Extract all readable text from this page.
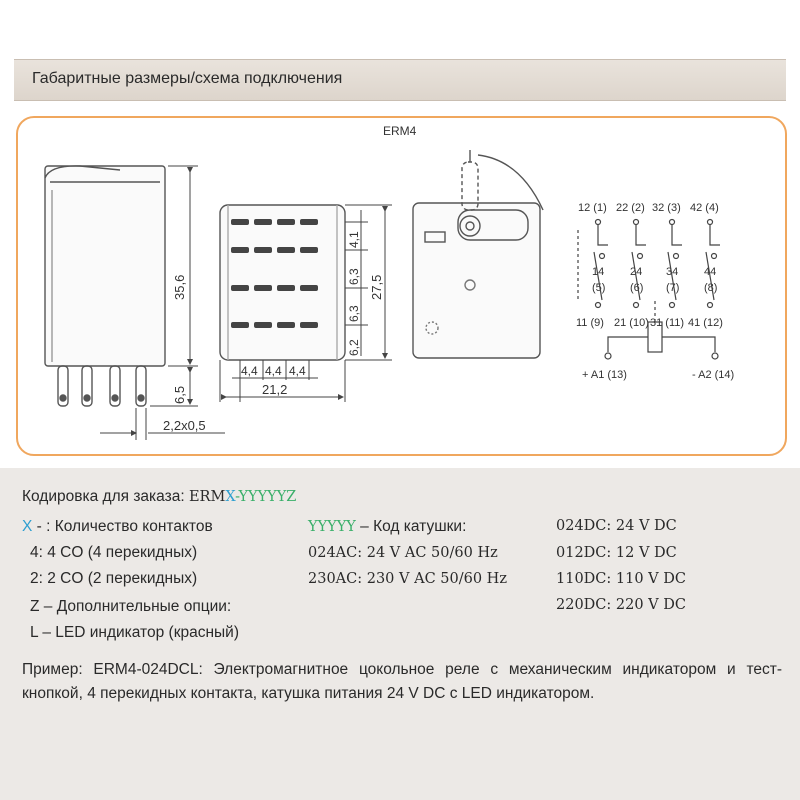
Габаритные размеры/схема подключения
ERM4
35,6
6,5
2,2x0,5
4,4 4,4 4,4
21,2
4,1
6,3
6,3
6,2
27,5
12 (1)
14
(5)
11 (9)
22 (2)
24
(6)
21 (10)
32 (3)
34
(7)
31 (11)
42 (4)
44
(8)
41 (12)
+ A1 (13)	- A2 (14)
Кодировка для заказа: ERMX-YYYYYZ
X - : Количество контактов
4: 4 CO (4 перекидных)
2: 2 CO (2 перекидных)
Z – Дополнительные опции:
L – LED индикатор (красный)
YYYYY – Код катушки:
024AC: 24 V AC 50/60 Hz
230AC: 230 V AC 50/60 Hz
024DC: 24 V DC
012DC: 12 V DC
110DC: 110 V DC
220DC: 220 V DC
Пример: ERM4-024DCL: Электромагнитное цокольное реле с механическим индикатором и тест-кнопкой, 4 перекидных контакта, катушка питания 24 V DC с LED индикатором.
